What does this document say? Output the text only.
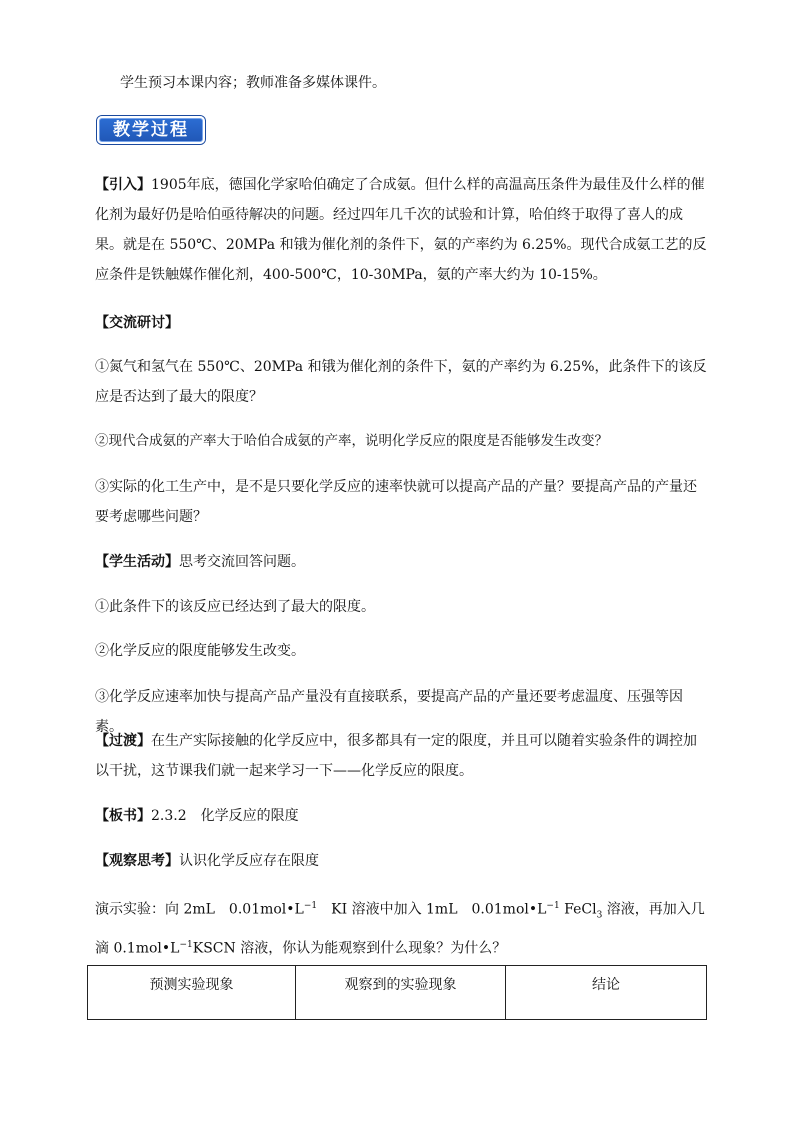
学生预习本课内容；教师准备多媒体课件。

教学过程

【引入】1905年底，德国化学家哈伯确定了合成氨。但什么样的高温高压条件为最佳及什么样的催化剂为最好仍是哈伯亟待解决的问题。经过四年几千次的试验和计算，哈伯终于取得了喜人的成果。就是在 550℃、20MPa 和锇为催化剂的条件下，氨的产率约为 6.25%。现代合成氨工艺的反应条件是铁触媒作催化剂，400-500℃，10-30MPa，氨的产率大约为 10-15%。

【交流研讨】

①氮气和氢气在 550℃、20MPa 和锇为催化剂的条件下，氨的产率约为 6.25%，此条件下的该反应是否达到了最大的限度？

②现代合成氨的产率大于哈伯合成氨的产率，说明化学反应的限度是否能够发生改变？

③实际的化工生产中，是不是只要化学反应的速率快就可以提高产品的产量？要提高产品的产量还要考虑哪些问题？

【学生活动】思考交流回答问题。

①此条件下的该反应已经达到了最大的限度。

②化学反应的限度能够发生改变。

③化学反应速率加快与提高产品产量没有直接联系，要提高产品的产量还要考虑温度、压强等因素。

【过渡】在生产实际接触的化学反应中，很多都具有一定的限度，并且可以随着实验条件的调控加以干扰，这节课我们就一起来学习一下——化学反应的限度。

【板书】2.3.2　化学反应的限度

【观察思考】认识化学反应存在限度

演示实验：向 2mL　$0.01mol•L^{-1}$　KI 溶液中加入 1mL　$0.01mol•L^{-1}$ FeCl$_3$ 溶液，再加入几滴 $0.1mol•L^{-1}KSCN$ 溶液，你认为能观察到什么现象？为什么？

预测实验现象	观察到的实验现象	结论
